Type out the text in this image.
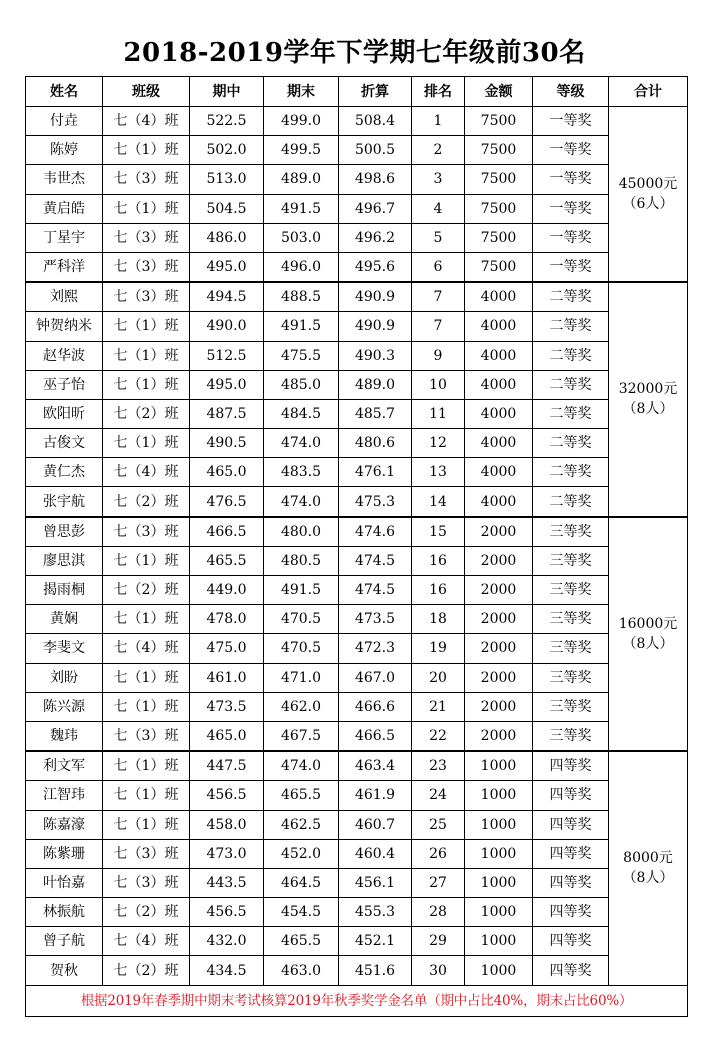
2018-2019学年下学期七年级前30名
姓名	班级	期中	期末	折算	排名	金额	等级	合计
付垚	七（4）班	522.5	499.0	508.4	1	7500	一等奖	45000元
（6人）

陈婷	七（1）班	502.0	499.5	500.5	2	7500	一等奖	
韦世杰	七（3）班	513.0	489.0	498.6	3	7500	一等奖	
黄启皓	七（1）班	504.5	491.5	496.7	4	7500	一等奖	
丁星宇	七（3）班	486.0	503.0	496.2	5	7500	一等奖	
严科洋	七（3）班	495.0	496.0	495.6	6	7500	一等奖	
刘熙	七（3）班	494.5	488.5	490.9	7	4000	二等奖	32000元
（8人）

钟贺纳米	七（1）班	490.0	491.5	490.9	7	4000	二等奖	
赵华波	七（1）班	512.5	475.5	490.3	9	4000	二等奖	
巫子怡	七（1）班	495.0	485.0	489.0	10	4000	二等奖	
欧阳昕	七（2）班	487.5	484.5	485.7	11	4000	二等奖	
古俊文	七（1）班	490.5	474.0	480.6	12	4000	二等奖	
黄仁杰	七（4）班	465.0	483.5	476.1	13	4000	二等奖	
张宇航	七（2）班	476.5	474.0	475.3	14	4000	二等奖	
曾思彭	七（3）班	466.5	480.0	474.6	15	2000	三等奖	16000元
（8人）

廖思淇	七（1）班	465.5	480.5	474.5	16	2000	三等奖	
揭雨桐	七（2）班	449.0	491.5	474.5	16	2000	三等奖	
黄娴	七（1）班	478.0	470.5	473.5	18	2000	三等奖	
李斐文	七（4）班	475.0	470.5	472.3	19	2000	三等奖	
刘盼	七（1）班	461.0	471.0	467.0	20	2000	三等奖	
陈兴源	七（1）班	473.5	462.0	466.6	21	2000	三等奖	
魏玮	七（3）班	465.0	467.5	466.5	22	2000	三等奖	
利文军	七（1）班	447.5	474.0	463.4	23	1000	四等奖	8000元
（8人）

江智玮	七（1）班	456.5	465.5	461.9	24	1000	四等奖	
陈嘉濠	七（1）班	458.0	462.5	460.7	25	1000	四等奖	
陈紫珊	七（3）班	473.0	452.0	460.4	26	1000	四等奖	
叶怡嘉	七（3）班	443.5	464.5	456.1	27	1000	四等奖	
林振航	七（2）班	456.5	454.5	455.3	28	1000	四等奖	
曾子航	七（4）班	432.0	465.5	452.1	29	1000	四等奖	
贺秋	七（2）班	434.5	463.0	451.6	30	1000	四等奖	
根据2019年春季期中期末考试核算2019年秋季奖学金名单（期中占比40%，期末占比60%）								
